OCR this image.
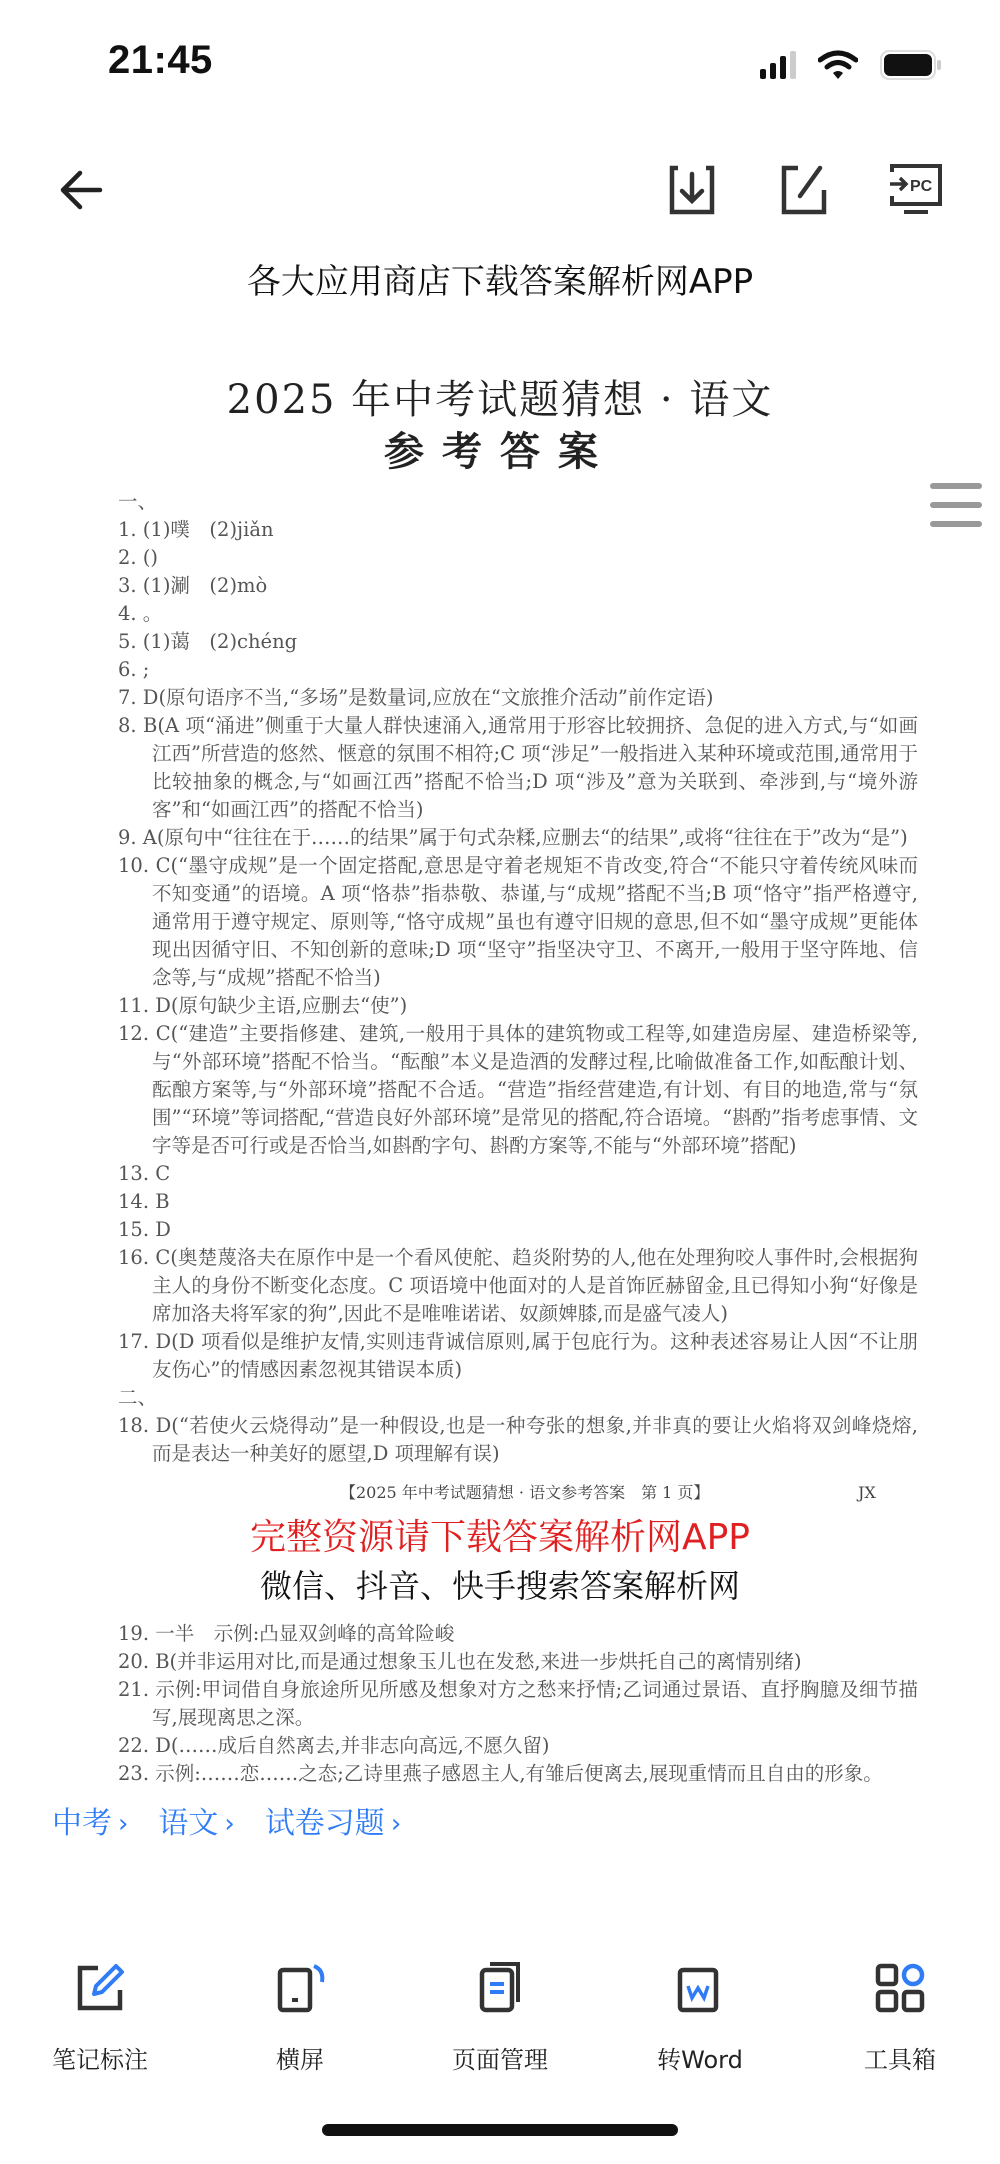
21:45
PC
各大应用商店下载答案解析网APP
2025 年中考试题猜想 · 语文
参考答案
一、
1. (1)噗　(2)jiǎn
2. ()
3. (1)涮　(2)mò
4. 。
5. (1)蔼　(2)chéng
6. ;
7. D(原句语序不当,“多场”是数量词,应放在“文旅推介活动”前作定语)
8. B(A 项“涌进”侧重于大量人群快速涌入,通常用于形容比较拥挤、急促的进入方式,与“如画江西”所营造的悠然、惬意的氛围不相符;C 项“涉足”一般指进入某种环境或范围,通常用于比较抽象的概念,与“如画江西”搭配不恰当;D 项“涉及”意为关联到、牵涉到,与“境外游客”和“如画江西”的搭配不恰当)
9. A(原句中“往往在于……的结果”属于句式杂糅,应删去“的结果”,或将“往往在于”改为“是”)
10. C(“墨守成规”是一个固定搭配,意思是守着老规矩不肯改变,符合“不能只守着传统风味而不知变通”的语境。A 项“恪恭”指恭敬、恭谨,与“成规”搭配不当;B 项“恪守”指严格遵守,通常用于遵守规定、原则等,“恪守成规”虽也有遵守旧规的意思,但不如“墨守成规”更能体现出因循守旧、不知创新的意味;D 项“坚守”指坚决守卫、不离开,一般用于坚守阵地、信念等,与“成规”搭配不恰当)
11. D(原句缺少主语,应删去“使”)
12. C(“建造”主要指修建、建筑,一般用于具体的建筑物或工程等,如建造房屋、建造桥梁等,与“外部环境”搭配不恰当。“酝酿”本义是造酒的发酵过程,比喻做准备工作,如酝酿计划、酝酿方案等,与“外部环境”搭配不合适。“营造”指经营建造,有计划、有目的地造,常与“氛围”“环境”等词搭配,“营造良好外部环境”是常见的搭配,符合语境。“斟酌”指考虑事情、文字等是否可行或是否恰当,如斟酌字句、斟酌方案等,不能与“外部环境”搭配)
13. C
14. B
15. D
16. C(奥楚蔑洛夫在原作中是一个看风使舵、趋炎附势的人,他在处理狗咬人事件时,会根据狗主人的身份不断变化态度。C 项语境中他面对的人是首饰匠赫留金,且已得知小狗“好像是席加洛夫将军家的狗”,因此不是唯唯诺诺、奴颜婢膝,而是盛气凌人)
17. D(D 项看似是维护友情,实则违背诚信原则,属于包庇行为。这种表述容易让人因“不让朋友伤心”的情感因素忽视其错误本质)
二、
18. D(“若使火云烧得动”是一种假设,也是一种夸张的想象,并非真的要让火焰将双剑峰烧熔,而是表达一种美好的愿望,D 项理解有误)
【2025 年中考试题猜想 · 语文参考答案　第 1 页】	JX
完整资源请下载答案解析网APP
微信、抖音、快手搜索答案解析网
19. 一半　示例:凸显双剑峰的高耸险峻
20. B(并非运用对比,而是通过想象玉儿也在发愁,来进一步烘托自己的离情别绪)
21. 示例:甲词借自身旅途所见所感及想象对方之愁来抒情;乙词通过景语、直抒胸臆及细节描写,展现离思之深。
22. D(……成后自然离去,并非志向高远,不愿久留)
23. 示例:……恋……之态;乙诗里燕子感恩主人,有雏后便离去,展现重情而且自由的形象。
中考 › 语文 › 试卷习题 ›
笔记标注	横屏	页面管理	转Word	工具箱
